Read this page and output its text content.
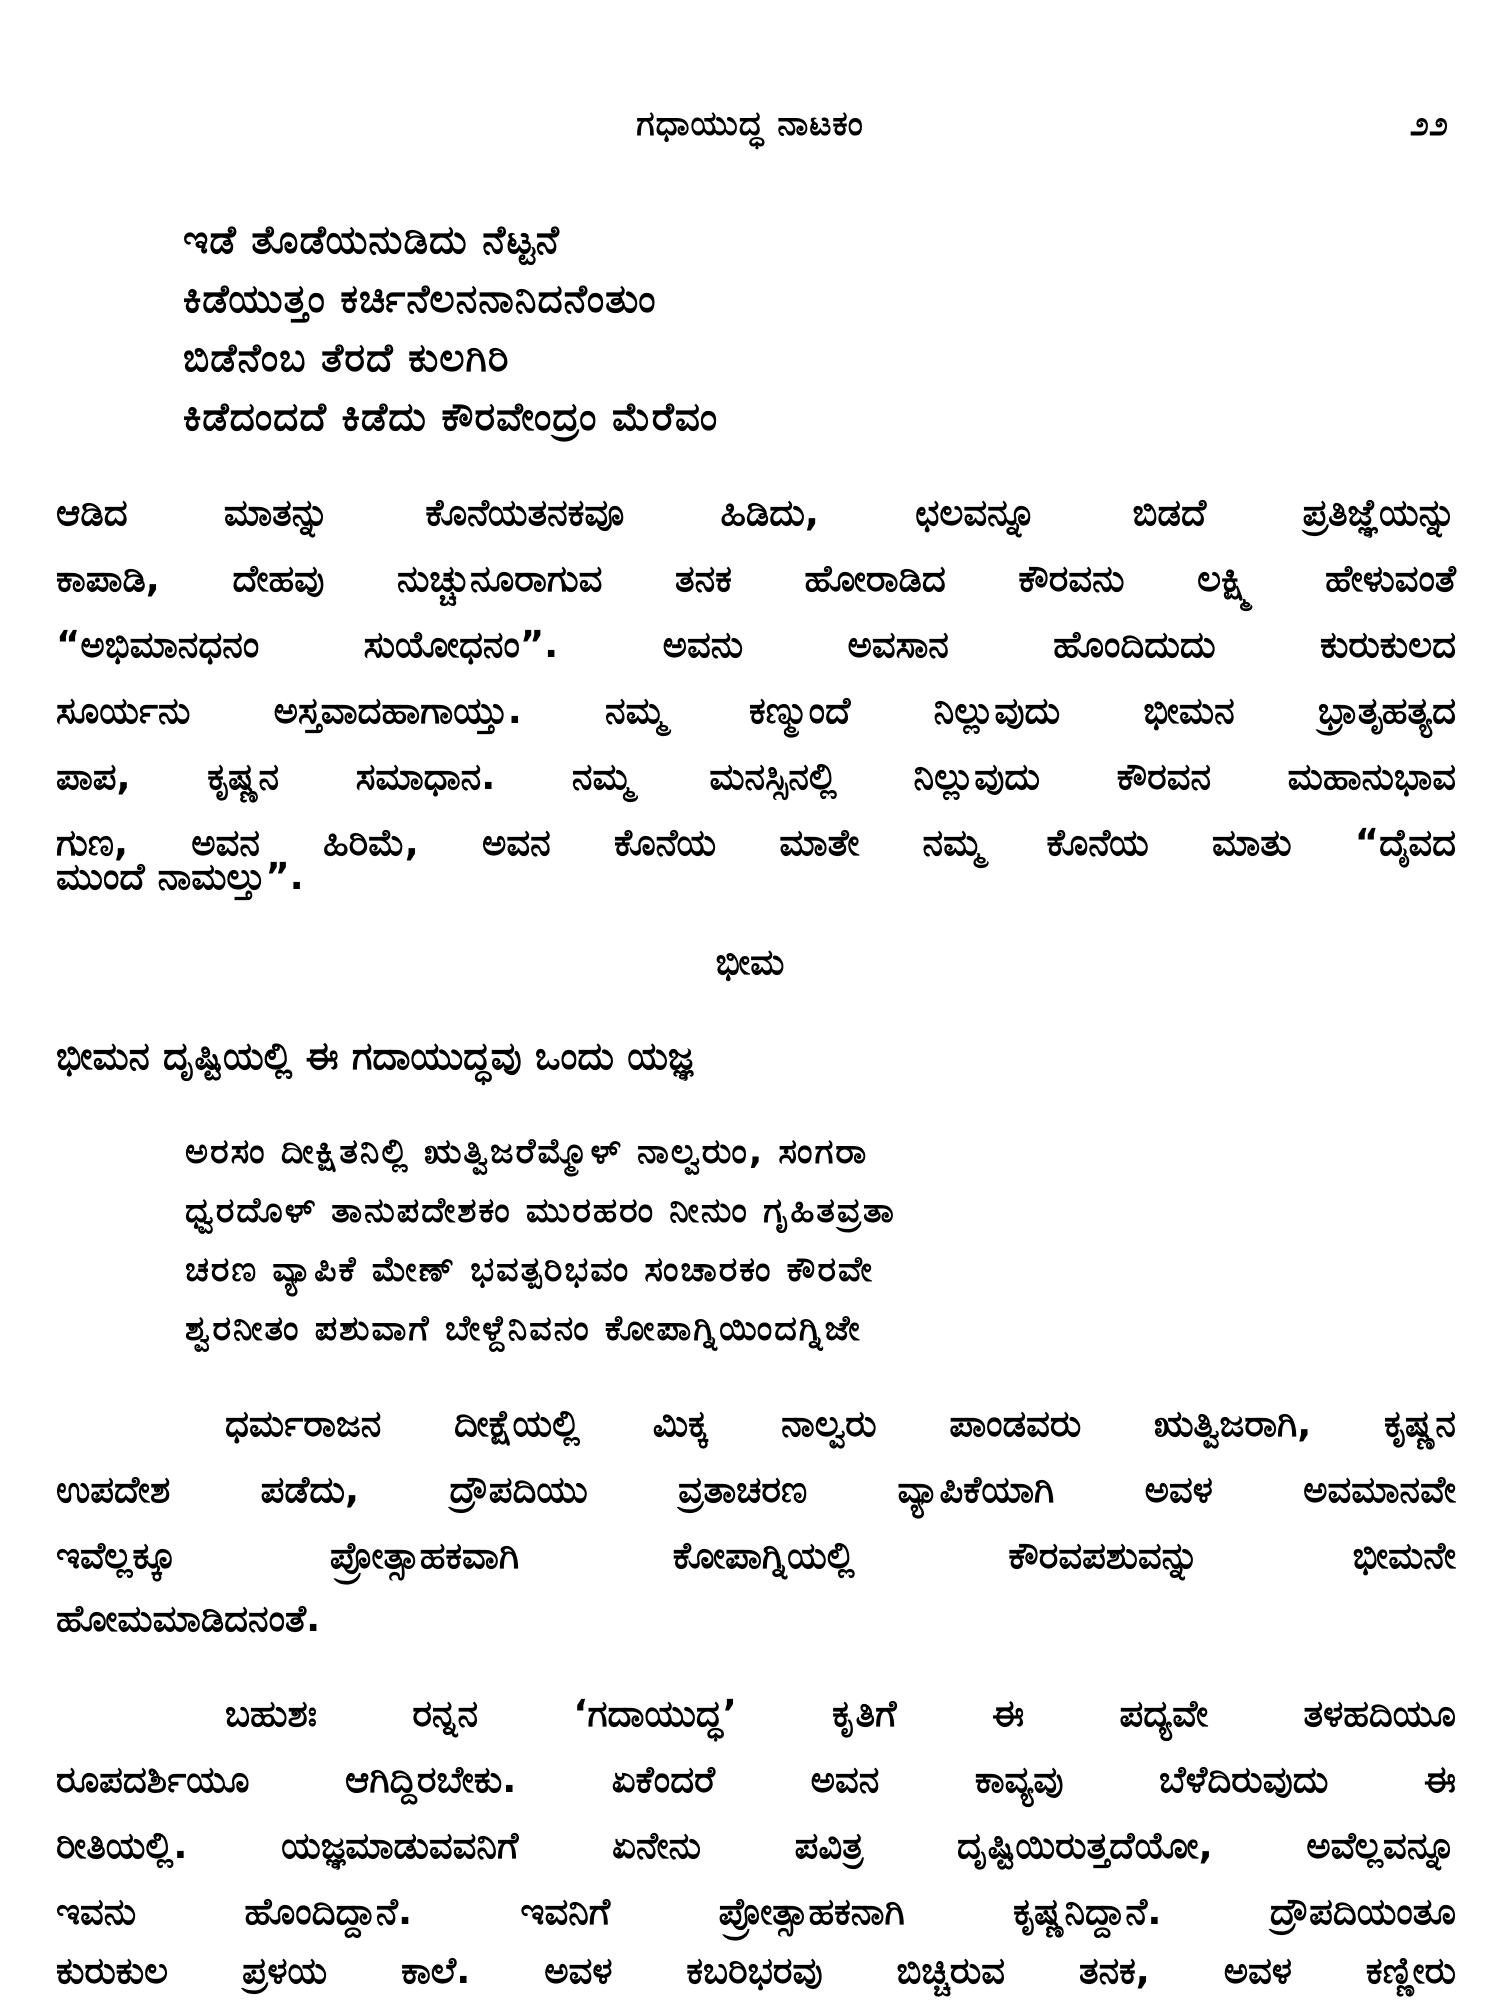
ಗಧಾಯುದ್ಧ ನಾಟಕಂ	೨೨
ಇಡೆ ತೊಡೆಯನುಡಿದು ನೆಟ್ಟನೆ
ಕಿಡೆಯುತ್ತಂ ಕರ್ಚಿನೆಲನನಾನಿದನೆಂತುಂ
ಬಿಡೆನೆಂಬ ತೆರದೆ ಕುಲಗಿರಿ
ಕಿಡೆದಂದದೆ ಕಿಡೆದು ಕೌರವೇಂದ್ರಂ ಮೆರೆವಂ
ಆಡಿದ ಮಾತನ್ನು ಕೊನೆಯತನಕವೂ ಹಿಡಿದು, ಛಲವನ್ನೂ ಬಿಡದೆ ಪ್ರತಿಜ್ಞೆಯನ್ನು
ಕಾಪಾಡಿ, ದೇಹವು ನುಚ್ಚುನೂರಾಗುವ ತನಕ ಹೋರಾಡಿದ ಕೌರವನು ಲಕ್ಷ್ಮಿ ಹೇಳುವಂತೆ
“ಅಭಿಮಾನಧನಂ ಸುಯೋಧನಂ”. ಅವನು ಅವಸಾನ ಹೊಂದಿದುದು ಕುರುಕುಲದ
ಸೂರ್ಯನು ಅಸ್ತವಾದಹಾಗಾಯ್ತು. ನಮ್ಮ ಕಣ್ಮುಂದೆ ನಿಲ್ಲುವುದು ಭೀಮನ ಭ್ರಾತೃಹತ್ಯದ
ಪಾಪ, ಕೃಷ್ಣನ ಸಮಾಧಾನ. ನಮ್ಮ ಮನಸ್ಸಿನಲ್ಲಿ ನಿಲ್ಲುವುದು ಕೌರವನ ಮಹಾನುಭಾವ
ಗುಣ, ಅವನ ಹಿರಿಮೆ, ಅವನ ಕೊನೆಯ ಮಾತೇ ನಮ್ಮ ಕೊನೆಯ ಮಾತು “ದೈವದ
ಮುಂದೆ ನಾಮಲ್ತು”.
ಭೀಮ
ಭೀಮನ ದೃಷ್ಟಿಯಲ್ಲಿ ಈ ಗದಾಯುದ್ಧವು ಒಂದು ಯಜ್ಞ
ಅರಸಂ ದೀಕ್ಷಿತನಿಲ್ಲಿ ಋತ್ವಿಜರೆಮ್ಮೊಳ್ ನಾಲ್ವರುಂ, ಸಂಗರಾ
ಧ್ವರದೊಳ್ ತಾನುಪದೇಶಕಂ ಮುರಹರಂ ನೀನುಂ ಗೃಹಿತವ್ರತಾ
ಚರಣ ವ್ಯಾಪಿಕೆ ಮೇಣ್ ಭವತ್ಪರಿಭವಂ ಸಂಚಾರಕಂ ಕೌರವೇ
ಶ್ವರನೀತಂ ಪಶುವಾಗೆ ಬೇಳ್ದೆನಿವನಂ ಕೋಪಾಗ್ನಿಯಿಂದಗ್ನಿಜೇ
ಧರ್ಮರಾಜನ ದೀಕ್ಷೆಯಲ್ಲಿ ಮಿಕ್ಕ ನಾಲ್ವರು ಪಾಂಡವರು ಋತ್ವಿಜರಾಗಿ, ಕೃಷ್ಣನ
ಉಪದೇಶ ಪಡೆದು, ದ್ರೌಪದಿಯು ವ್ರತಾಚರಣ ವ್ಯಾಪಿಕೆಯಾಗಿ ಅವಳ ಅವಮಾನವೇ
ಇವೆಲ್ಲಕ್ಕೂ ಪ್ರೋತ್ಸಾಹಕವಾಗಿ ಕೋಪಾಗ್ನಿಯಲ್ಲಿ ಕೌರವಪಶುವನ್ನು ಭೀಮನೇ
ಹೋಮಮಾಡಿದನಂತೆ.
ಬಹುಶಃ ರನ್ನನ ‘ಗದಾಯುದ್ಧ’ ಕೃತಿಗೆ ಈ ಪದ್ಯವೇ ತಳಹದಿಯೂ
ರೂಪದರ್ಶಿಯೂ ಆಗಿದ್ದಿರಬೇಕು. ಏಕೆಂದರೆ ಅವನ ಕಾವ್ಯವು ಬೆಳೆದಿರುವುದು ಈ
ರೀತಿಯಲ್ಲಿ. ಯಜ್ಞಮಾಡುವವನಿಗೆ ಏನೇನು ಪವಿತ್ರ ದೃಷ್ಟಿಯಿರುತ್ತದೆಯೋ, ಅವೆಲ್ಲವನ್ನೂ
ಇವನು ಹೊಂದಿದ್ದಾನೆ. ಇವನಿಗೆ ಪ್ರೋತ್ಸಾಹಕನಾಗಿ ಕೃಷ್ಣನಿದ್ದಾನೆ. ದ್ರೌಪದಿಯಂತೂ
ಕುರುಕುಲ ಪ್ರಳಯ ಕಾಲೆ. ಅವಳ ಕಬರಿಭರವು ಬಿಚ್ಚಿರುವ ತನಕ, ಅವಳ ಕಣ್ಣೀರು
